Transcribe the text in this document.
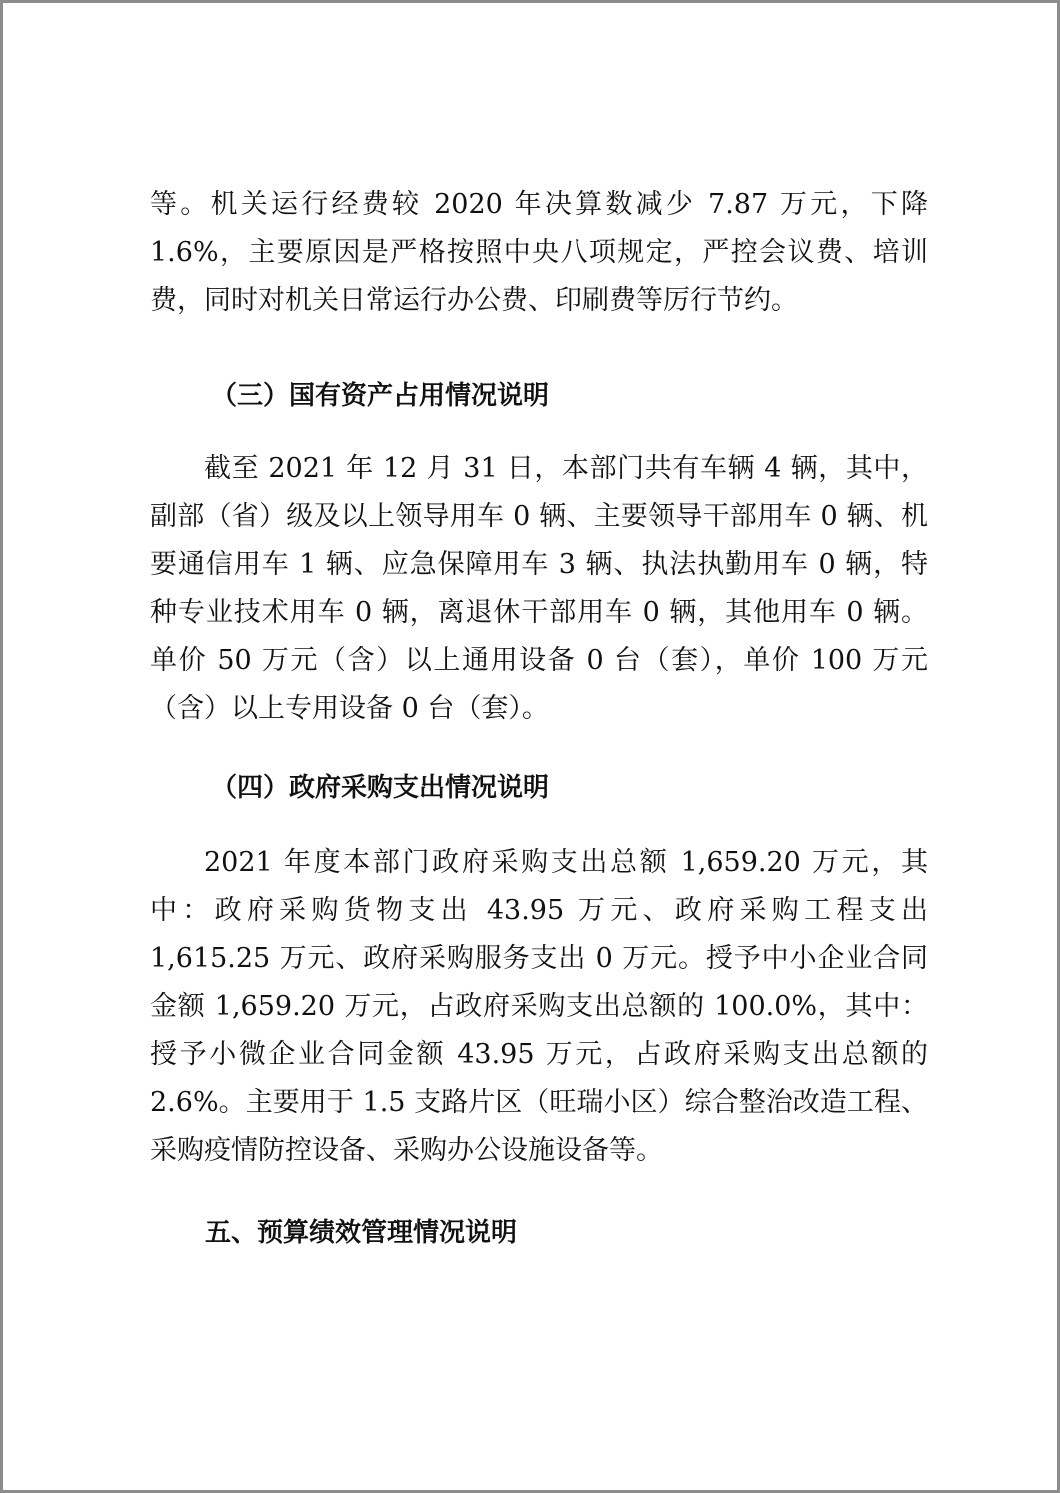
等。机关运行经费较 2020 年决算数减少 7.87 万元，下降 1.6%，主要原因是严格按照中央八项规定，严控会议费、培训费，同时对机关日常运行办公费、印刷费等厉行节约。

（三）国有资产占用情况说明

截至 2021 年 12 月 31 日，本部门共有车辆 4 辆，其中，副部（省）级及以上领导用车 0 辆、主要领导干部用车 0 辆、机要通信用车 1 辆、应急保障用车 3 辆、执法执勤用车 0 辆，特种专业技术用车 0 辆，离退休干部用车 0 辆，其他用车 0 辆。单价 50 万元（含）以上通用设备 0 台（套），单价 100 万元（含）以上专用设备 0 台（套）。

（四）政府采购支出情况说明

2021 年度本部门政府采购支出总额 1,659.20 万元，其中：政府采购货物支出 43.95 万元、政府采购工程支出 1,615.25 万元、政府采购服务支出 0 万元。授予中小企业合同金额 1,659.20 万元，占政府采购支出总额的 100.0%，其中：授予小微企业合同金额 43.95 万元，占政府采购支出总额的 2.6%。主要用于 1.5 支路片区（旺瑞小区）综合整治改造工程、采购疫情防控设备、采购办公设施设备等。

五、预算绩效管理情况说明
